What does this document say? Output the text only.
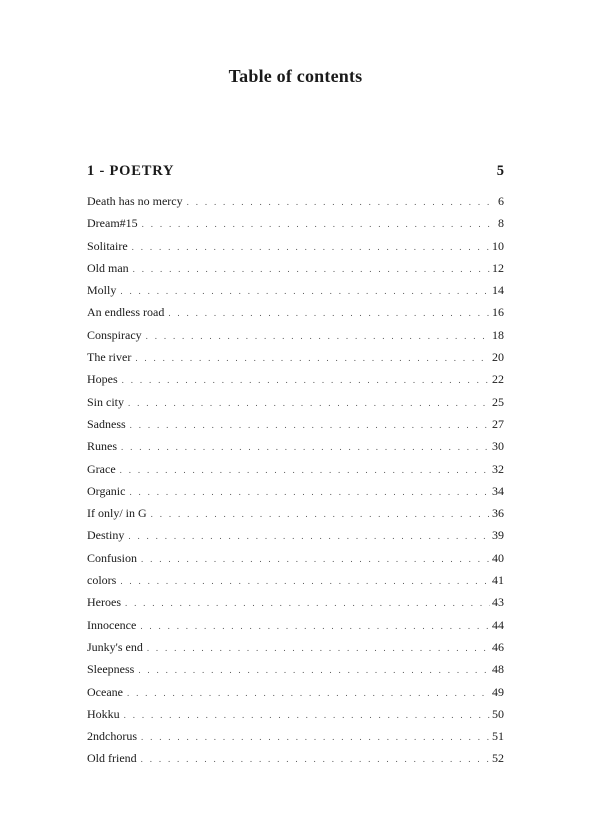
Table of contents
1 - POETRY	5
Death has no mercy . . .	6
Dream#15 . . .	8
Solitaire . . .	10
Old man . . .	12
Molly . . .	14
An endless road . . .	16
Conspiracy . . .	18
The river . . .	20
Hopes . . .	22
Sin city . . .	25
Sadness . . .	27
Runes . . .	30
Grace . . .	32
Organic . . .	34
If only/ in G . . .	36
Destiny . . .	39
Confusion . . .	40
colors . . .	41
Heroes . . .	43
Innocence . . .	44
Junky's end . . .	46
Sleepness . . .	48
Oceane . . .	49
Hokku . . .	50
2ndchorus . . .	51
Old friend . . .	52
